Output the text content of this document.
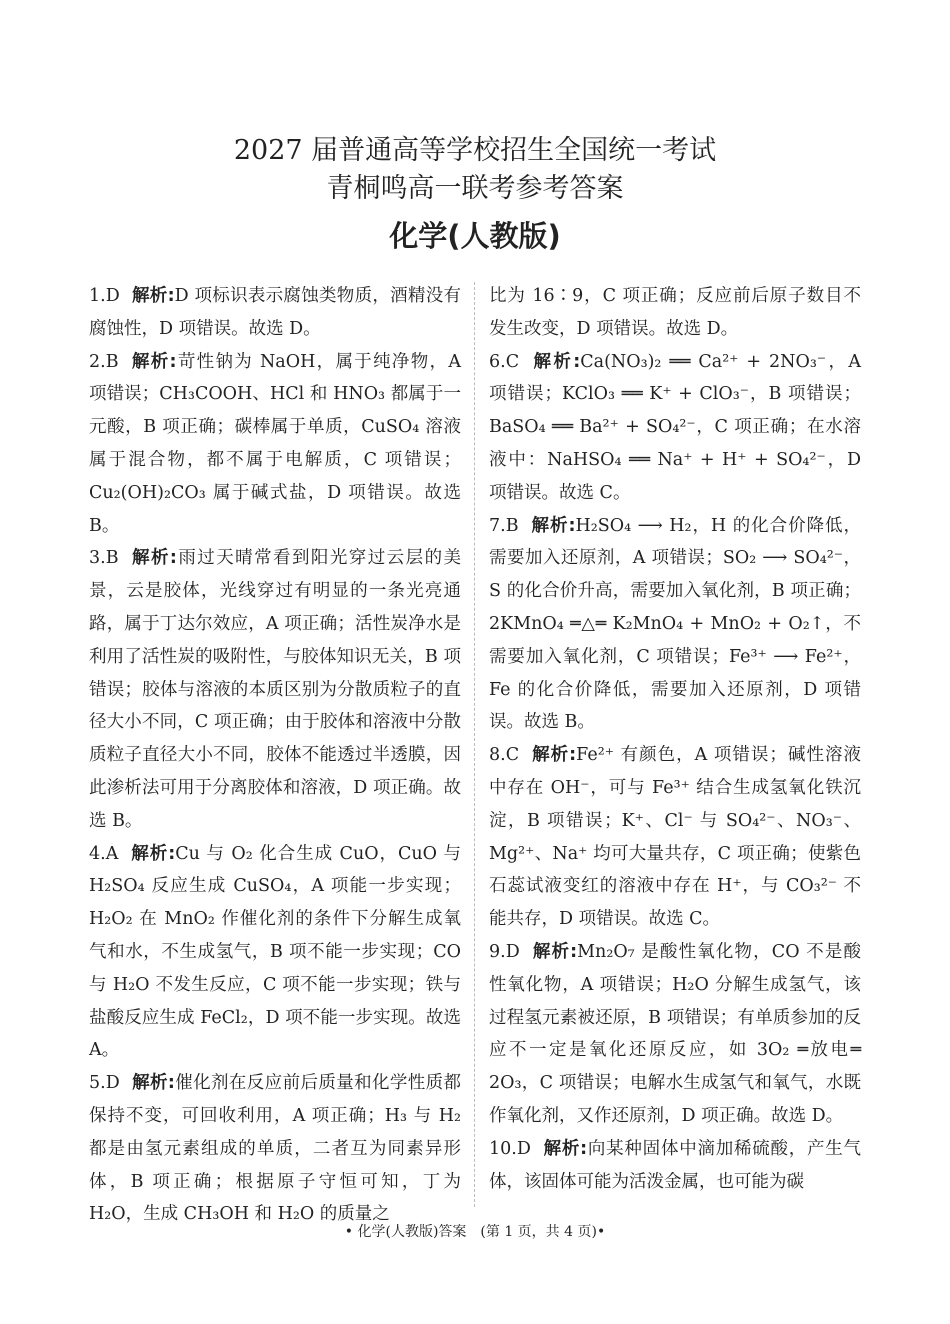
2027 届普通高等学校招生全国统一考试
青桐鸣高一联考参考答案
化学(人教版)
1.D 解析:D 项标识表示腐蚀类物质，酒精没有腐蚀性，D 项错误。故选 D。
2.B 解析:苛性钠为 NaOH，属于纯净物，A 项错误；CH₃COOH、HCl 和 HNO₃ 都属于一元酸，B 项正确；碳棒属于单质，CuSO₄ 溶液属于混合物，都不属于电解质，C 项错误；Cu₂(OH)₂CO₃ 属于碱式盐，D 项错误。故选 B。
3.B 解析:雨过天晴常看到阳光穿过云层的美景，云是胶体，光线穿过有明显的一条光亮通路，属于丁达尔效应，A 项正确；活性炭净水是利用了活性炭的吸附性，与胶体知识无关，B 项错误；胶体与溶液的本质区别为分散质粒子的直径大小不同，C 项正确；由于胶体和溶液中分散质粒子直径大小不同，胶体不能透过半透膜，因此渗析法可用于分离胶体和溶液，D 项正确。故选 B。
4.A 解析:Cu 与 O₂ 化合生成 CuO，CuO 与 H₂SO₄ 反应生成 CuSO₄，A 项能一步实现；H₂O₂ 在 MnO₂ 作催化剂的条件下分解生成氧气和水，不生成氢气，B 项不能一步实现；CO 与 H₂O 不发生反应，C 项不能一步实现；铁与盐酸反应生成 FeCl₂，D 项不能一步实现。故选 A。
5.D 解析:催化剂在反应前后质量和化学性质都保持不变，可回收利用，A 项正确；H₃ 与 H₂ 都是由氢元素组成的单质，二者互为同素异形体，B 项正确；根据原子守恒可知，丁为 H₂O，生成 CH₃OH 和 H₂O 的质量之
比为 16∶9，C 项正确；反应前后原子数目不发生改变，D 项错误。故选 D。
6.C 解析:Ca(NO₃)₂ ══ Ca²⁺ + 2NO₃⁻，A 项错误；KClO₃ ══ K⁺ + ClO₃⁻，B 项错误；BaSO₄ ══ Ba²⁺ + SO₄²⁻，C 项正确；在水溶液中：NaHSO₄ ══ Na⁺ + H⁺ + SO₄²⁻，D 项错误。故选 C。
7.B 解析:H₂SO₄ ⟶ H₂，H 的化合价降低，需要加入还原剂，A 项错误；SO₂ ⟶ SO₄²⁻，S 的化合价升高，需要加入氧化剂，B 项正确；2KMnO₄ ═△═ K₂MnO₄ + MnO₂ + O₂↑，不需要加入氧化剂，C 项错误；Fe³⁺ ⟶ Fe²⁺，Fe 的化合价降低，需要加入还原剂，D 项错误。故选 B。
8.C 解析:Fe²⁺ 有颜色，A 项错误；碱性溶液中存在 OH⁻，可与 Fe³⁺ 结合生成氢氧化铁沉淀，B 项错误；K⁺、Cl⁻ 与 SO₄²⁻、NO₃⁻、Mg²⁺、Na⁺ 均可大量共存，C 项正确；使紫色石蕊试液变红的溶液中存在 H⁺，与 CO₃²⁻ 不能共存，D 项错误。故选 C。
9.D 解析:Mn₂O₇ 是酸性氧化物，CO 不是酸性氧化物，A 项错误；H₂O 分解生成氢气，该过程氢元素被还原，B 项错误；有单质参加的反应不一定是氧化还原反应，如 3O₂ ═放电═ 2O₃，C 项错误；电解水生成氢气和氧气，水既作氧化剂，又作还原剂，D 项正确。故选 D。
10.D 解析:向某种固体中滴加稀硫酸，产生气体，该固体可能为活泼金属，也可能为碳
• 化学(人教版)答案　(第 1 页，共 4 页)•
